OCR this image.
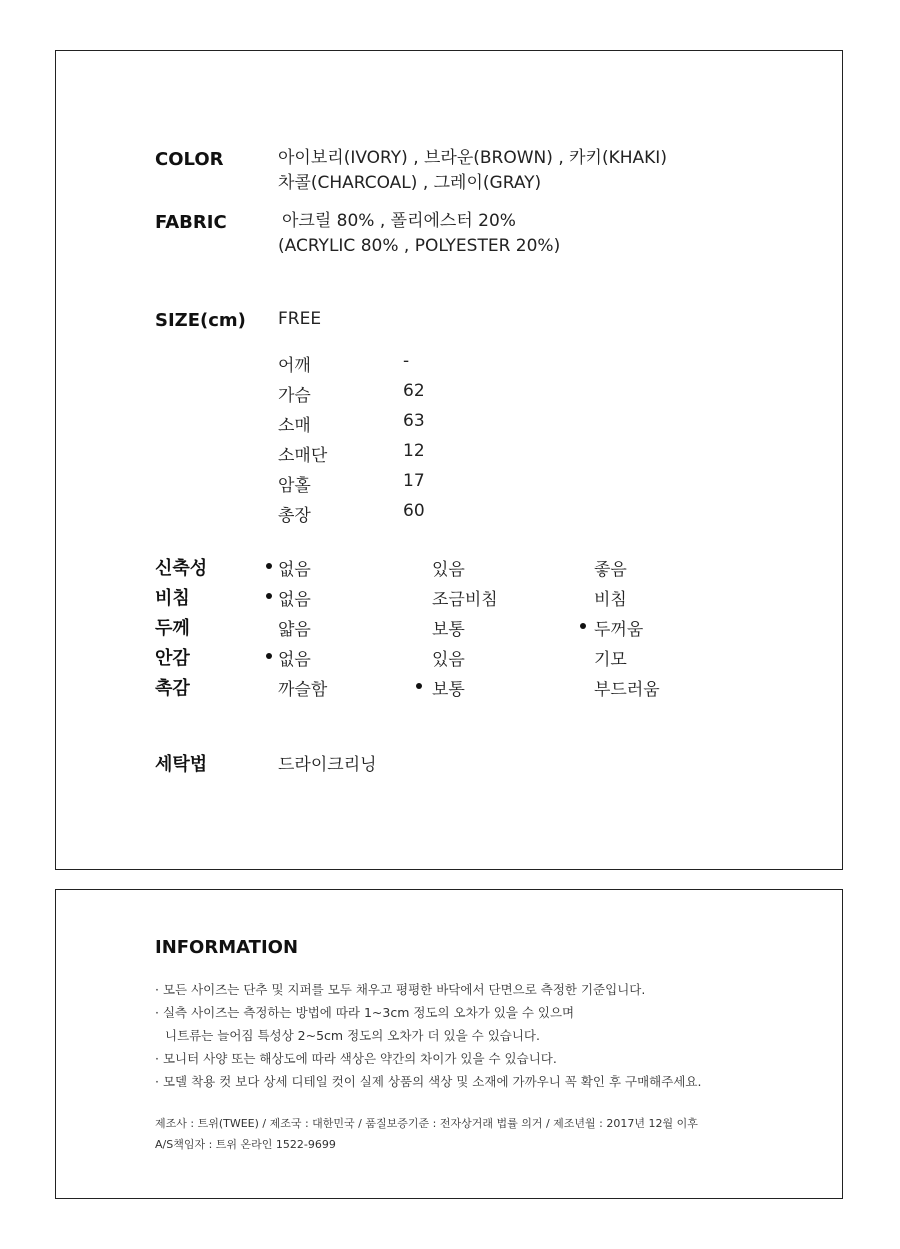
COLOR	아이보리(IVORY) , 브라운(BROWN) , 카키(KHAKI)
차콜(CHARCOAL) , 그레이(GRAY)
FABRIC	아크릴 80% , 폴리에스터 20%
(ACRYLIC 80% , POLYESTER 20%)
SIZE(cm) FREE
어깨	-
가슴	62
소매	63
소매단	12
암홀	17
총장	60
신축성	없음	있음	좋음
비침	없음	조금비침	비침
두께	얇음	보통	두꺼움
안감	없음	있음	기모
촉감	까슬함	보통	부드러움
세탁법	드라이크리닝
INFORMATION
· 모든 사이즈는 단추 및 지퍼를 모두 채우고 평평한 바닥에서 단면으로 측정한 기준입니다.
· 실측 사이즈는 측정하는 방법에 따라 1~3cm 정도의 오차가 있을 수 있으며
니트류는 늘어짐 특성상 2~5cm 정도의 오차가 더 있을 수 있습니다.
· 모니터 사양 또는 해상도에 따라 색상은 약간의 차이가 있을 수 있습니다.
· 모델 착용 컷 보다 상세 디테일 컷이 실제 상품의 색상 및 소재에 가까우니 꼭 확인 후 구매해주세요.
제조사 : 트위(TWEE) / 제조국 : 대한민국 / 품질보증기준 : 전자상거래 법률 의거 / 제조년월 : 2017년 12월 이후
A/S책임자 : 트위 온라인 1522-9699
